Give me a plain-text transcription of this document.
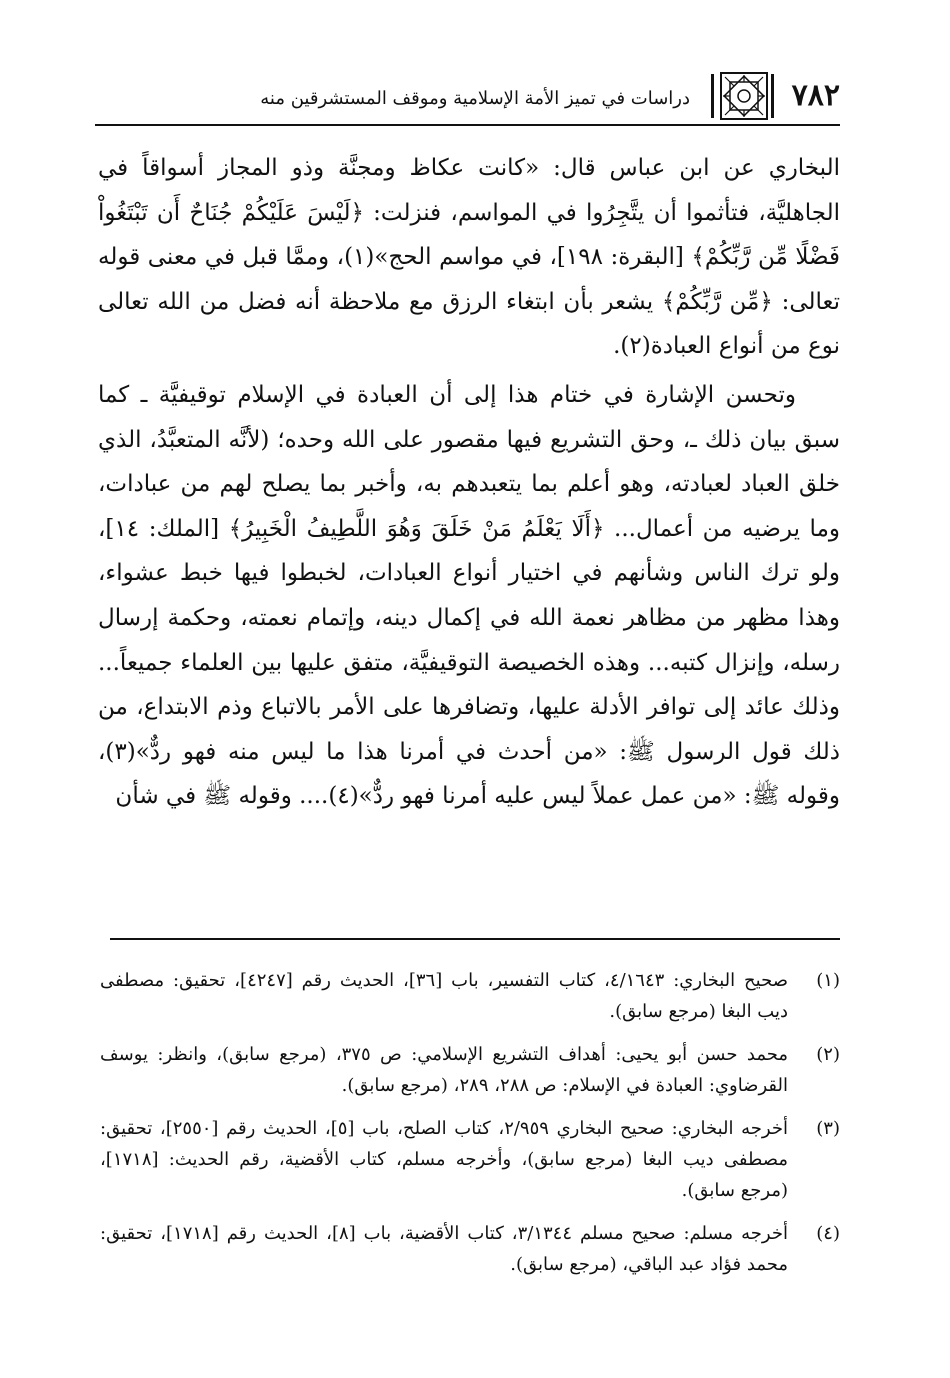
٧٨٢
دراسات في تميز الأمة الإسلامية وموقف المستشرقين منه

البخاري عن ابن عباس قال: «كانت عكاظ ومجنَّة وذو المجاز أسواقاً في الجاهليَّة، فتأثموا أن يتَّجِرُوا في المواسم، فنزلت: ﴿لَيْسَ عَلَيْكُمْ جُنَاحٌ أَن تَبْتَغُواْ فَضْلًا مِّن رَّبِّكُمْ﴾ [البقرة: ١٩٨]، في مواسم الحج»(١)، وممَّا قبل في معنى قوله تعالى: ﴿مِّن رَّبِّكُمْ﴾ يشعر بأن ابتغاء الرزق مع ملاحظة أنه فضل من الله تعالى نوع من أنواع العبادة(٢).

وتحسن الإشارة في ختام هذا إلى أن العبادة في الإسلام توقيفيَّة ـ كما سبق بيان ذلك ـ، وحق التشريع فيها مقصور على الله وحده؛ (لأنَّه المتعبَّدُ، الذي خلق العباد لعبادته، وهو أعلم بما يتعبدهم به، وأخبر بما يصلح لهم من عبادات، وما يرضيه من أعمال... ﴿أَلَا يَعْلَمُ مَنْ خَلَقَ وَهُوَ اللَّطِيفُ الْخَبِيرُ﴾ [الملك: ١٤]، ولو ترك الناس وشأنهم في اختيار أنواع العبادات، لخبطوا فيها خبط عشواء، وهذا مظهر من مظاهر نعمة الله في إكمال دينه، وإتمام نعمته، وحكمة إرسال رسله، وإنزال كتبه... وهذه الخصيصة التوقيفيَّة، متفق عليها بين العلماء جميعاً... وذلك عائد إلى توافر الأدلة عليها، وتضافرها على الأمر بالاتباع وذم الابتداع، من ذلك قول الرسول ﷺ: «من أحدث في أمرنا هذا ما ليس منه فهو ردٌّ»(٣)، وقوله ﷺ: «من عمل عملاً ليس عليه أمرنا فهو ردٌّ»(٤).... وقوله ﷺ في شأن

(١)
صحيح البخاري: ٤/١٦٤٣، كتاب التفسير، باب [٣٦]، الحديث رقم [٤٢٤٧]، تحقيق: مصطفى ديب البغا (مرجع سابق).
(٢)
محمد حسن أبو يحيى: أهداف التشريع الإسلامي: ص ٣٧٥، (مرجع سابق)، وانظر: يوسف القرضاوي: العبادة في الإسلام: ص ٢٨٨، ٢٨٩، (مرجع سابق).
(٣)
أخرجه البخاري: صحيح البخاري ٢/٩٥٩، كتاب الصلح، باب [٥]، الحديث رقم [٢٥٥٠]، تحقيق: مصطفى ديب البغا (مرجع سابق)، وأخرجه مسلم، كتاب الأقضية، رقم الحديث: [١٧١٨]، (مرجع سابق).
(٤)
أخرجه مسلم: صحيح مسلم ٣/١٣٤٤، كتاب الأقضية، باب [٨]، الحديث رقم [١٧١٨]، تحقيق: محمد فؤاد عبد الباقي، (مرجع سابق).
